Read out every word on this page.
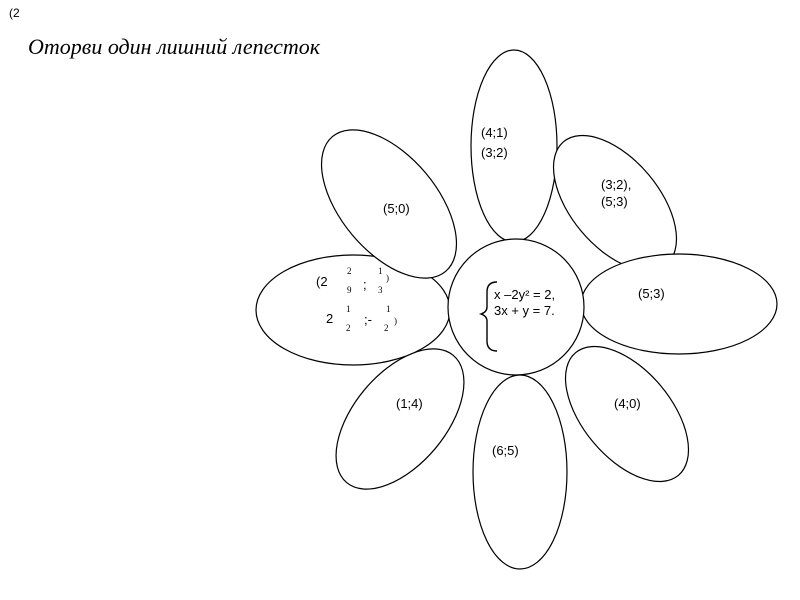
(2
Оторви один лишний лепесток
x –2y² = 2,
3x + y = 7.
(4;1)
(3;2)
(3;2),
(5;3)
(5;3)
(4;0)
(6;5)
(1;4)
(5;0)
(2
2
9 ;
1
3
)
2
1
2
;-
1
2
)
